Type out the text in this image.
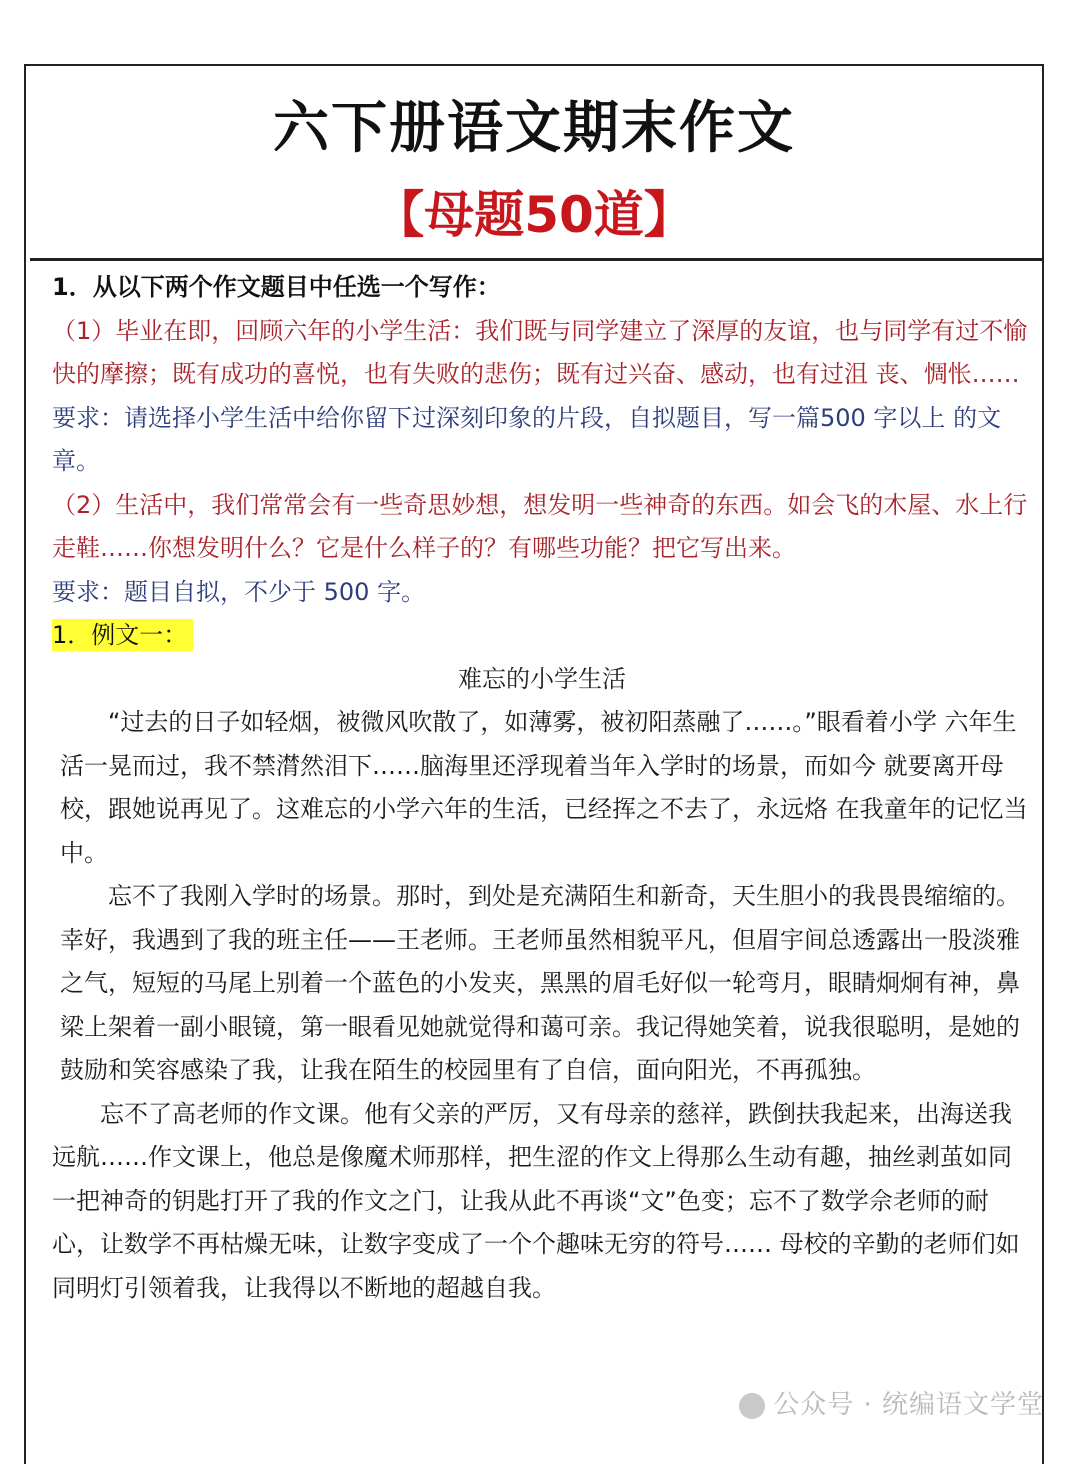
六下册语文期末作文
【母题50道】

1．从以下两个作文题目中任选一个写作：

（1）毕业在即，回顾六年的小学生活：我们既与同学建立了深厚的友谊，也与同学有过不愉快的摩擦；既有成功的喜悦，也有失败的悲伤；既有过兴奋、感动，也有过沮 丧、惆怅……

要求：请选择小学生活中给你留下过深刻印象的片段，自拟题目，写一篇500 字以上 的文章。

（2）生活中，我们常常会有一些奇思妙想，想发明一些神奇的东西。如会飞的木屋、水上行走鞋……你想发明什么？它是什么样子的？有哪些功能？把它写出来。

要求：题目自拟，不少于 500 字。

1．例文一：

难忘的小学生活

“过去的日子如轻烟，被微风吹散了，如薄雾，被初阳蒸融了……。”眼看着小学 六年生活一晃而过，我不禁潸然泪下……脑海里还浮现着当年入学时的场景，而如今 就要离开母校，跟她说再见了。这难忘的小学六年的生活，已经挥之不去了，永远烙 在我童年的记忆当中。

忘不了我刚入学时的场景。那时，到处是充满陌生和新奇，天生胆小的我畏畏缩缩的。幸好，我遇到了我的班主任——王老师。王老师虽然相貌平凡，但眉宇间总透露出一股淡雅之气，短短的马尾上别着一个蓝色的小发夹，黑黑的眉毛好似一轮弯月，眼睛炯炯有神，鼻梁上架着一副小眼镜，第一眼看见她就觉得和蔼可亲。我记得她笑着，说我很聪明，是她的鼓励和笑容感染了我，让我在陌生的校园里有了自信，面向阳光，不再孤独。

忘不了高老师的作文课。他有父亲的严厉，又有母亲的慈祥，跌倒扶我起来，出海送我远航……作文课上，他总是像魔术师那样，把生涩的作文上得那么生动有趣，抽丝剥茧如同一把神奇的钥匙打开了我的作文之门，让我从此不再谈“文”色变；忘不了数学佘老师的耐心，让数学不再枯燥无味，让数字变成了一个个趣味无穷的符号…… 母校的辛勤的老师们如同明灯引领着我，让我得以不断地的超越自我。

公众号 · 统编语文学堂
